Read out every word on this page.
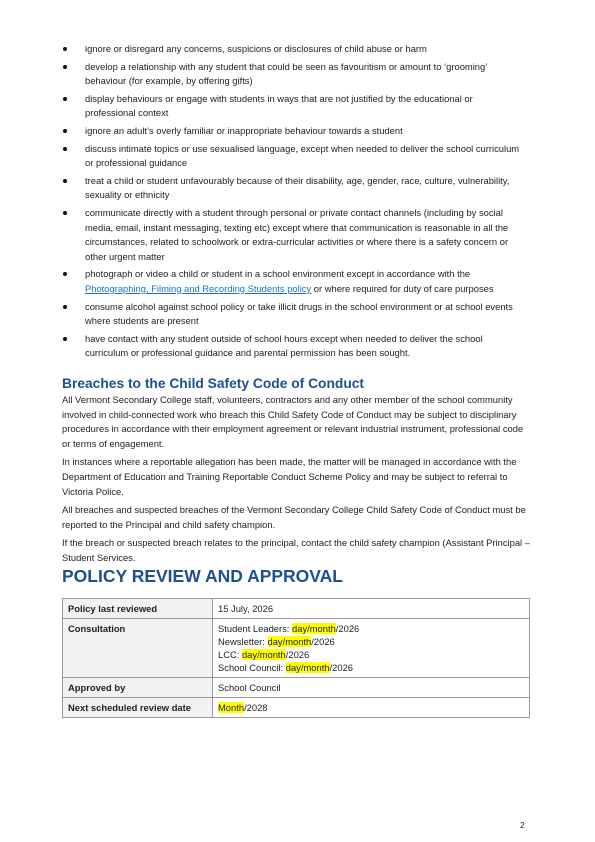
ignore or disregard any concerns, suspicions or disclosures of child abuse or harm
develop a relationship with any student that could be seen as favouritism or amount to ‘grooming’ behaviour (for example, by offering gifts)
display behaviours or engage with students in ways that are not justified by the educational or professional context
ignore an adult’s overly familiar or inappropriate behaviour towards a student
discuss intimate topics or use sexualised language, except when needed to deliver the school curriculum or professional guidance
treat a child or student unfavourably because of their disability, age, gender, race, culture, vulnerability, sexuality or ethnicity
communicate directly with a student through personal or private contact channels (including by social media, email, instant messaging, texting etc) except where that communication is reasonable in all the circumstances, related to schoolwork or extra-curricular activities or where there is a safety concern or other urgent matter
photograph or video a child or student in a school environment except in accordance with the Photographing, Filming and Recording Students policy or where required for duty of care purposes
consume alcohol against school policy or take illicit drugs in the school environment or at school events where students are present
have contact with any student outside of school hours except when needed to deliver the school curriculum or professional guidance and parental permission has been sought.
Breaches to the Child Safety Code of Conduct

All Vermont Secondary College staff, volunteers, contractors and any other member of the school community involved in child-connected work who breach this Child Safety Code of Conduct may be subject to disciplinary procedures in accordance with their employment agreement or relevant industrial instrument, professional code or terms of engagement.

In instances where a reportable allegation has been made, the matter will be managed in accordance with the Department of Education and Training Reportable Conduct Scheme Policy and may be subject to referral to Victoria Police.

All breaches and suspected breaches of the Vermont Secondary College Child Safety Code of Conduct must be reported to the Principal and child safety champion.

If the breach or suspected breach relates to the principal, contact the child safety champion (Assistant Principal – Student Services.

POLICY REVIEW AND APPROVAL
Policy last reviewed	15 July, 2026
Consultation	Student Leaders: day/month/2026
Newsletter: day/month/2026
LCC: day/month/2026
School Council: day/month/2026

Approved by	School Council
Next scheduled review date	Month/2028
2
